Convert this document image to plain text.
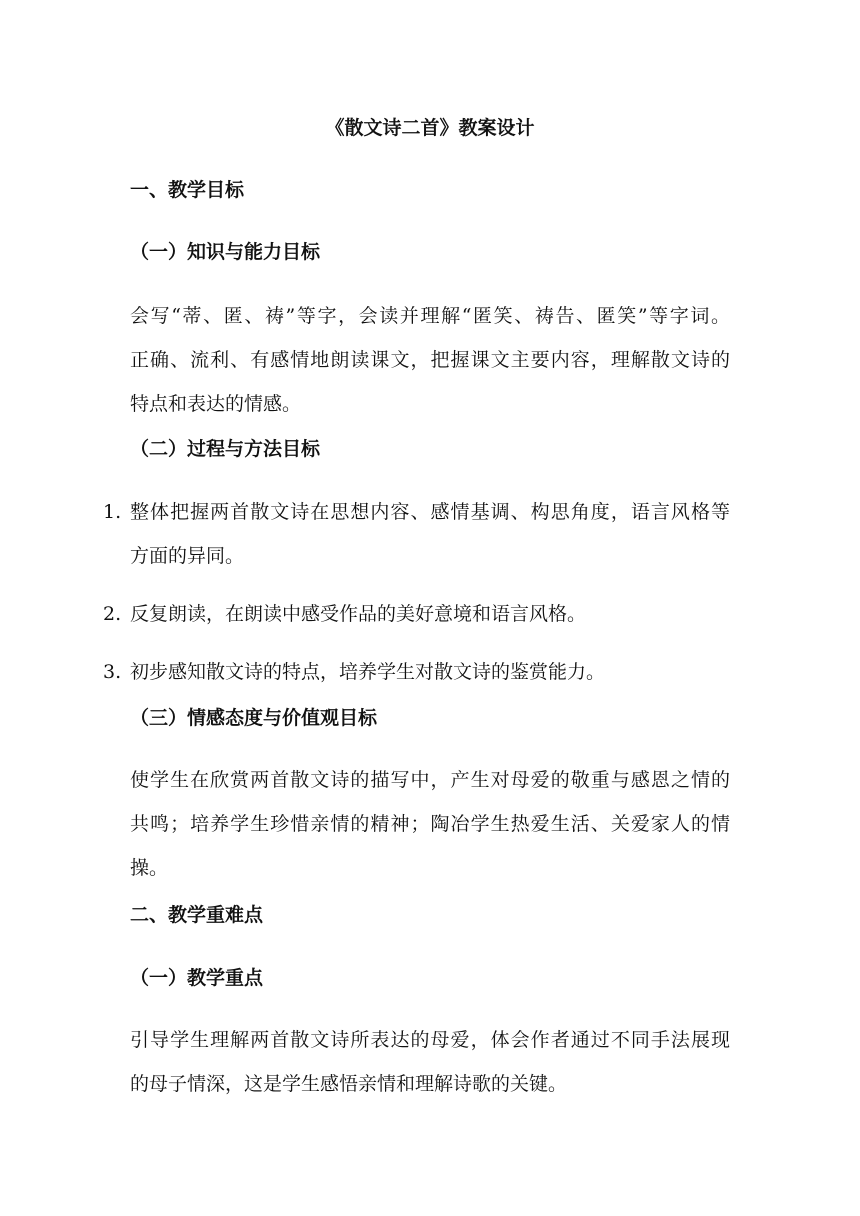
《散文诗二首》教案设计
一、教学目标
（一）知识与能力目标
会写“蒂、匿、祷”等字，会读并理解“匿笑、祷告、匿笑”等字词。
正确、流利、有感情地朗读课文，把握课文主要内容，理解散文诗的
特点和表达的情感。
（二）过程与方法目标
1. 整体把握两首散文诗在思想内容、感情基调、构思角度，语言风格等
方面的异同。
2. 反复朗读，在朗读中感受作品的美好意境和语言风格。
3. 初步感知散文诗的特点，培养学生对散文诗的鉴赏能力。
（三）情感态度与价值观目标
使学生在欣赏两首散文诗的描写中，产生对母爱的敬重与感恩之情的
共鸣；培养学生珍惜亲情的精神；陶冶学生热爱生活、关爱家人的情
操。
二、教学重难点
（一）教学重点
引导学生理解两首散文诗所表达的母爱，体会作者通过不同手法展现
的母子情深，这是学生感悟亲情和理解诗歌的关键。
